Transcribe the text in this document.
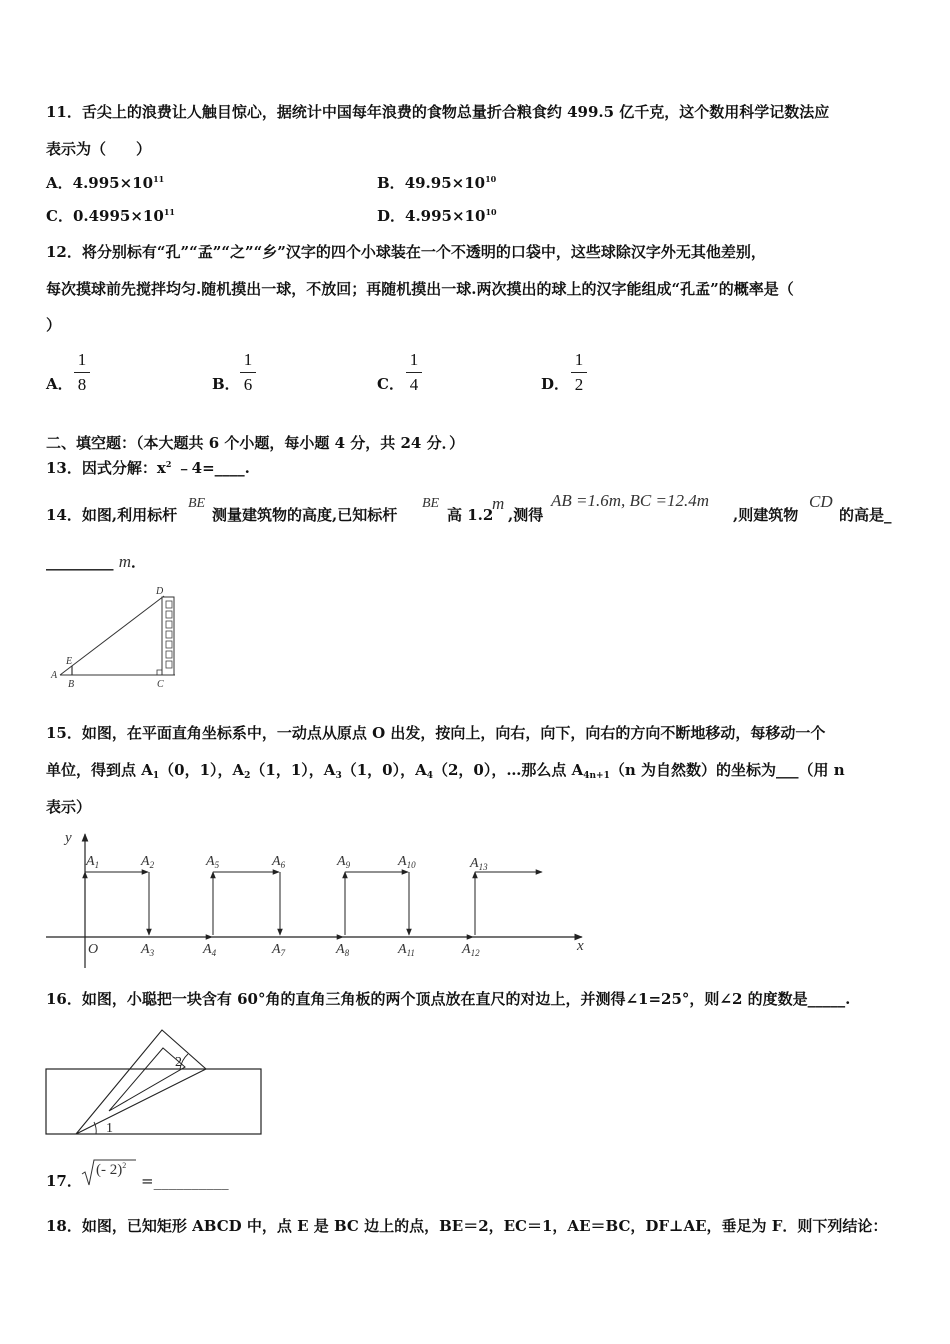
11．舌尖上的浪费让人触目惊心，据统计中国每年浪费的食物总量折合粮食约 499.5 亿千克，这个数用科学记数法应
表示为（　　）
A．$4.995\times 10^{11}$	B．$49.95\times 10^{10}$
C．$0.4995\times 10^{11}$	D．$4.995\times 10^{10}$
12．将分别标有“孔”“孟”“之”“乡”汉字的四个小球装在一个不透明的口袋中，这些球除汉字外无其他差别，
每次摸球前先搅拌均匀.随机摸出一球，不放回；再随机摸出一球.两次摸出的球上的汉字能组成“孔孟”的概率是（
）
A．
1
8	B．
1
6	C．
1
4	D．
1
2
二、填空题：（本大题共 6 个小题，每小题 4 分，共 24 分．）
13．因式分解：$x^2$ ﹣4=____.
14．如图,利用标杆
BE
测量建筑物的高度,已知标杆
BE
高 1.2
m
,测得
AB =1.6m, BC =12.4m
,则建筑物
CD
的高是_
_________ m．
A
B	C
D
E
15．如图，在平面直角坐标系中，一动点从原点 O 出发，按向上，向右，向下，向右的方向不断地移动，每移动一个
单位，得到点 $A_1(0$，1），$A_2(1$，1），$A_3(1$，0），$A_4(2$，0），…那么点 $A_{4n+1}(n$ 为自然数）的坐标为___（用 n
表示）
y
x
O
$A_1$	$A_2$	$A_5$	$A_6$	$A_9$	$A_{10}$	$A_{13}$
$A_3$	$A_4$	$A_7$	$A_8$	$A_{11}$	$A_{12}$
16．如图，小聪把一块含有 60°角的直角三角板的两个顶点放在直尺的对边上，并测得∠1=25°，则∠2 的度数是_____.
1
2
17．
(- 2)$^2$
=__________
18．如图，已知矩形 ABCD 中，点 E 是 BC 边上的点，BE＝2，EC＝1，AE＝BC，DF⊥AE，垂足为 F．则下列结论：
